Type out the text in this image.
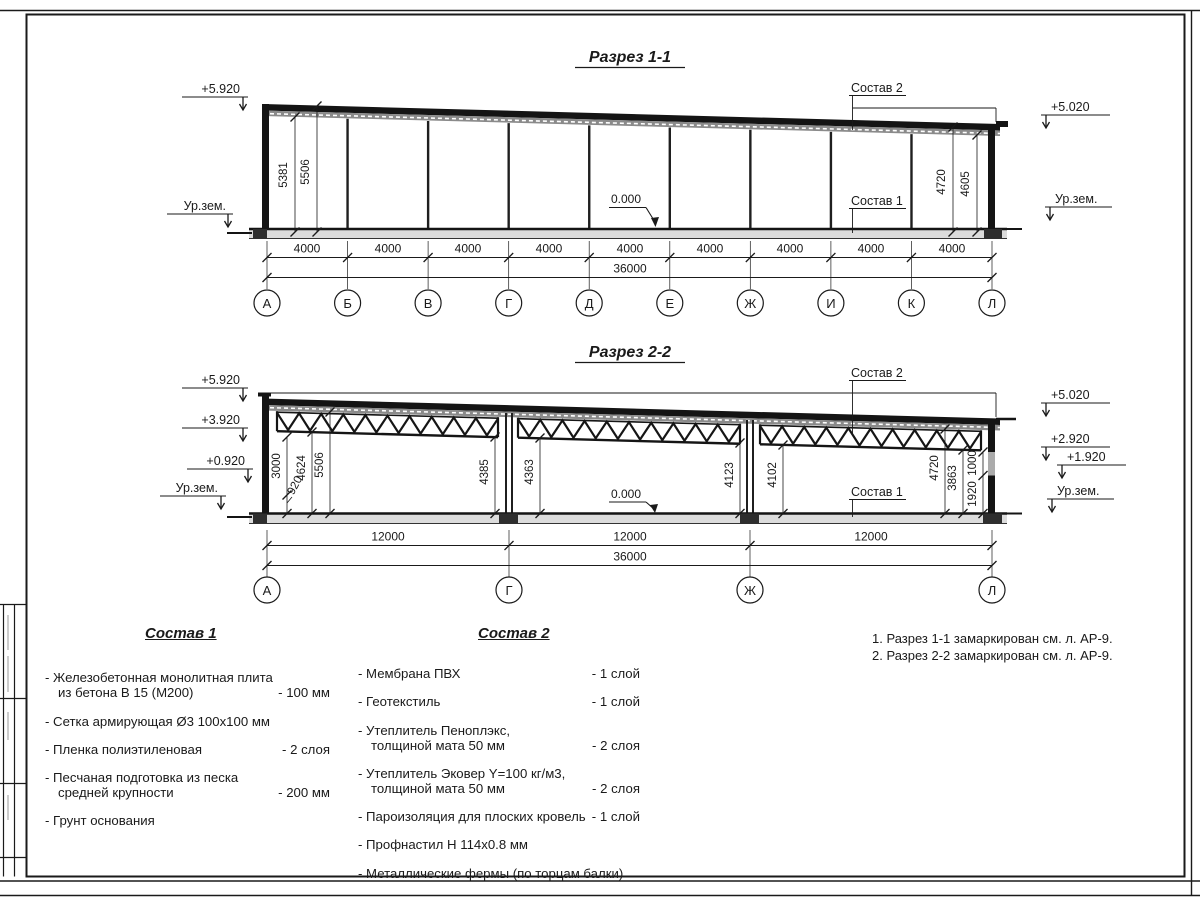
Разрез 1-1
5381 5506	4720 4605
0.000
Состав 2
Состав 1
+5.920
Ур.зем.
+5.020
Ур.зем.
4000	4000	4000	4000	4000	4000	4000	4000	4000
36000
А	Б	В	Г	Д	Е	Ж	И	К	Л
Разрез 2-2
3000
920
4624 5506	4385	4363	4123	4102	4720 3863
1000
1920
0.000
Состав 2
Состав 1
+5.920
+3.920
+0.920
Ур.зем.
+5.020
+2.920
+1.920
Ур.зем.
12000	12000	12000
36000
А	Г	Ж	Л
Состав 1
- Железобетонная монолитная плита
из бетона В 15 (М200)	- 100 мм
- Сетка армирующая Ø3 100х100 мм
- Пленка полиэтиленовая	- 2 слоя
- Песчаная подготовка из песка
средней крупности	- 200 мм
- Грунт основания
Состав 2
- Мембрана ПВХ	- 1 слой
- Геотекстиль	- 1 слой
- Утеплитель Пеноплэкс,
толщиной мата 50 мм	- 2 слоя
- Утеплитель Эковер Y=100 кг/м3,
толщиной мата 50 мм	- 2 слоя
- Пароизоляция для плоских кровель - 1 слой
- Профнастил Н 114х0.8 мм
- Металлические фермы (по торцам балки)
1. Разрез 1-1 замаркирован см. л. АР-9.
2. Разрез 2-2 замаркирован см. л. АР-9.
